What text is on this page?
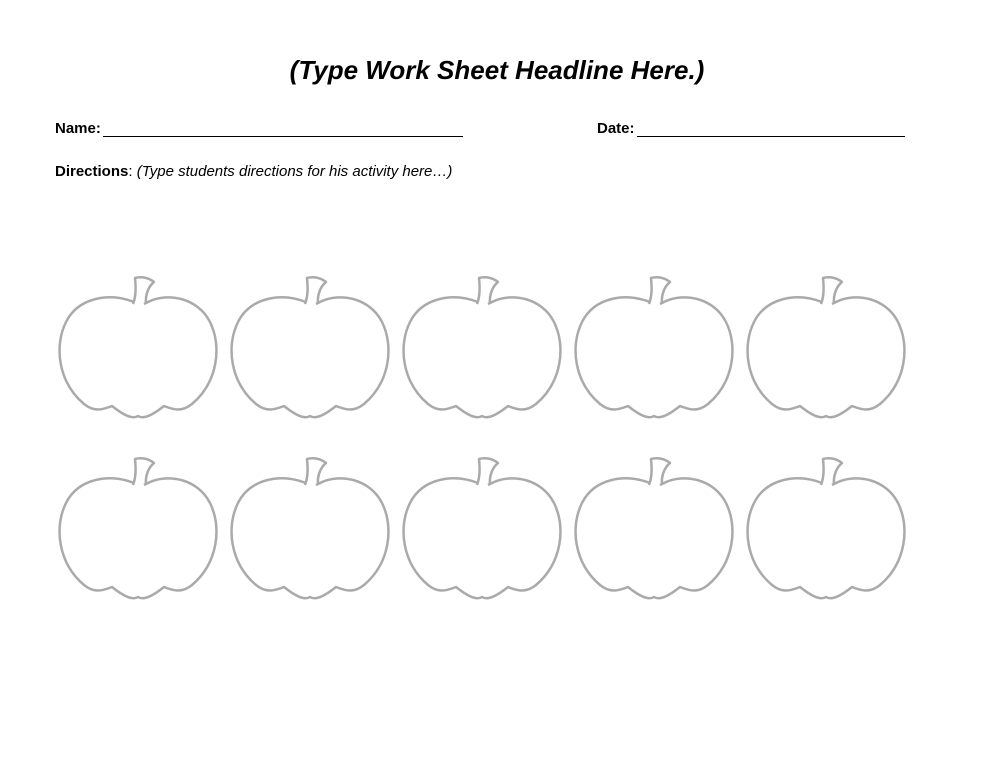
(Type Work Sheet Headline Here.)
Name:	Date:
Directions: (Type students directions for his activity here…)
